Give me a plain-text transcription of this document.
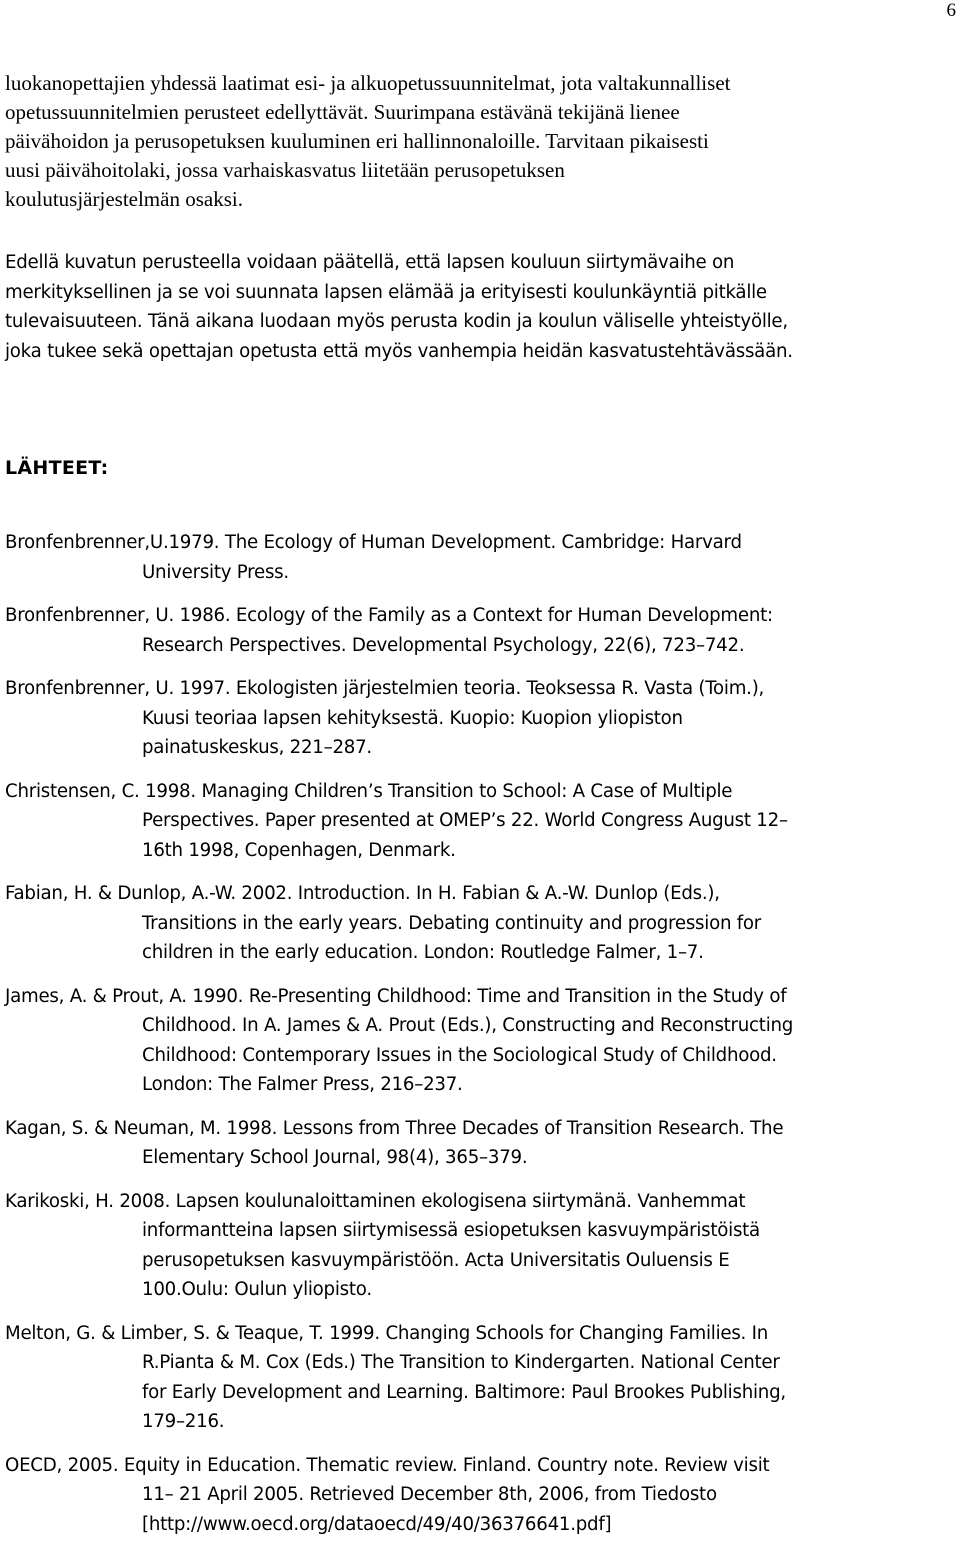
6
luokanopettajien yhdessä laatimat esi- ja alkuopetussuunnitelmat, jota valtakunnalliset
opetussuunnitelmien perusteet edellyttävät. Suurimpana estävänä tekijänä lienee
päivähoidon ja perusopetuksen kuuluminen eri hallinnonaloille. Tarvitaan pikaisesti
uusi päivähoitolaki, jossa varhaiskasvatus liitetään perusopetuksen
koulutusjärjestelmän osaksi.
Edellä kuvatun perusteella voidaan päätellä, että lapsen kouluun siirtymävaihe on
merkityksellinen ja se voi suunnata lapsen elämää ja erityisesti koulunkäyntiä pitkälle
tulevaisuuteen. Tänä aikana luodaan myös perusta kodin ja koulun väliselle yhteistyölle,
joka tukee sekä opettajan opetusta että myös vanhempia heidän kasvatustehtävässään.
LÄHTEET:
Bronfenbrenner,U.1979. The Ecology of Human Development. Cambridge: Harvard
University Press.
Bronfenbrenner, U. 1986. Ecology of the Family as a Context for Human Development:
Research Perspectives. Developmental Psychology, 22(6), 723–742.
Bronfenbrenner, U. 1997. Ekologisten järjestelmien teoria. Teoksessa R. Vasta (Toim.),
Kuusi teoriaa lapsen kehityksestä. Kuopio: Kuopion yliopiston
painatuskeskus, 221–287.
Christensen, C. 1998. Managing Children’s Transition to School: A Case of Multiple
Perspectives. Paper presented at OMEP’s 22. World Congress August 12–
16th 1998, Copenhagen, Denmark.
Fabian, H. & Dunlop, A.-W. 2002. Introduction. In H. Fabian & A.-W. Dunlop (Eds.),
Transitions in the early years. Debating continuity and progression for
children in the early education. London: Routledge Falmer, 1–7.
James, A. & Prout, A. 1990. Re-Presenting Childhood: Time and Transition in the Study of
Childhood. In A. James & A. Prout (Eds.), Constructing and Reconstructing
Childhood: Contemporary Issues in the Sociological Study of Childhood.
London: The Falmer Press, 216–237.
Kagan, S. & Neuman, M. 1998. Lessons from Three Decades of Transition Research. The
Elementary School Journal, 98(4), 365–379.
Karikoski, H. 2008. Lapsen koulunaloittaminen ekologisena siirtymänä. Vanhemmat
informantteina lapsen siirtymisessä esiopetuksen kasvuympäristöistä
perusopetuksen kasvuympäristöön. Acta Universitatis Ouluensis E
100.Oulu: Oulun yliopisto.
Melton, G. & Limber, S. & Teaque, T. 1999. Changing Schools for Changing Families. In
R.Pianta & M. Cox (Eds.) The Transition to Kindergarten. National Center
for Early Development and Learning. Baltimore: Paul Brookes Publishing,
179–216.
OECD, 2005. Equity in Education. Thematic review. Finland. Country note. Review visit
11– 21 April 2005. Retrieved December 8th, 2006, from Tiedosto
[http://www.oecd.org/dataoecd/49/40/36376641.pdf]
